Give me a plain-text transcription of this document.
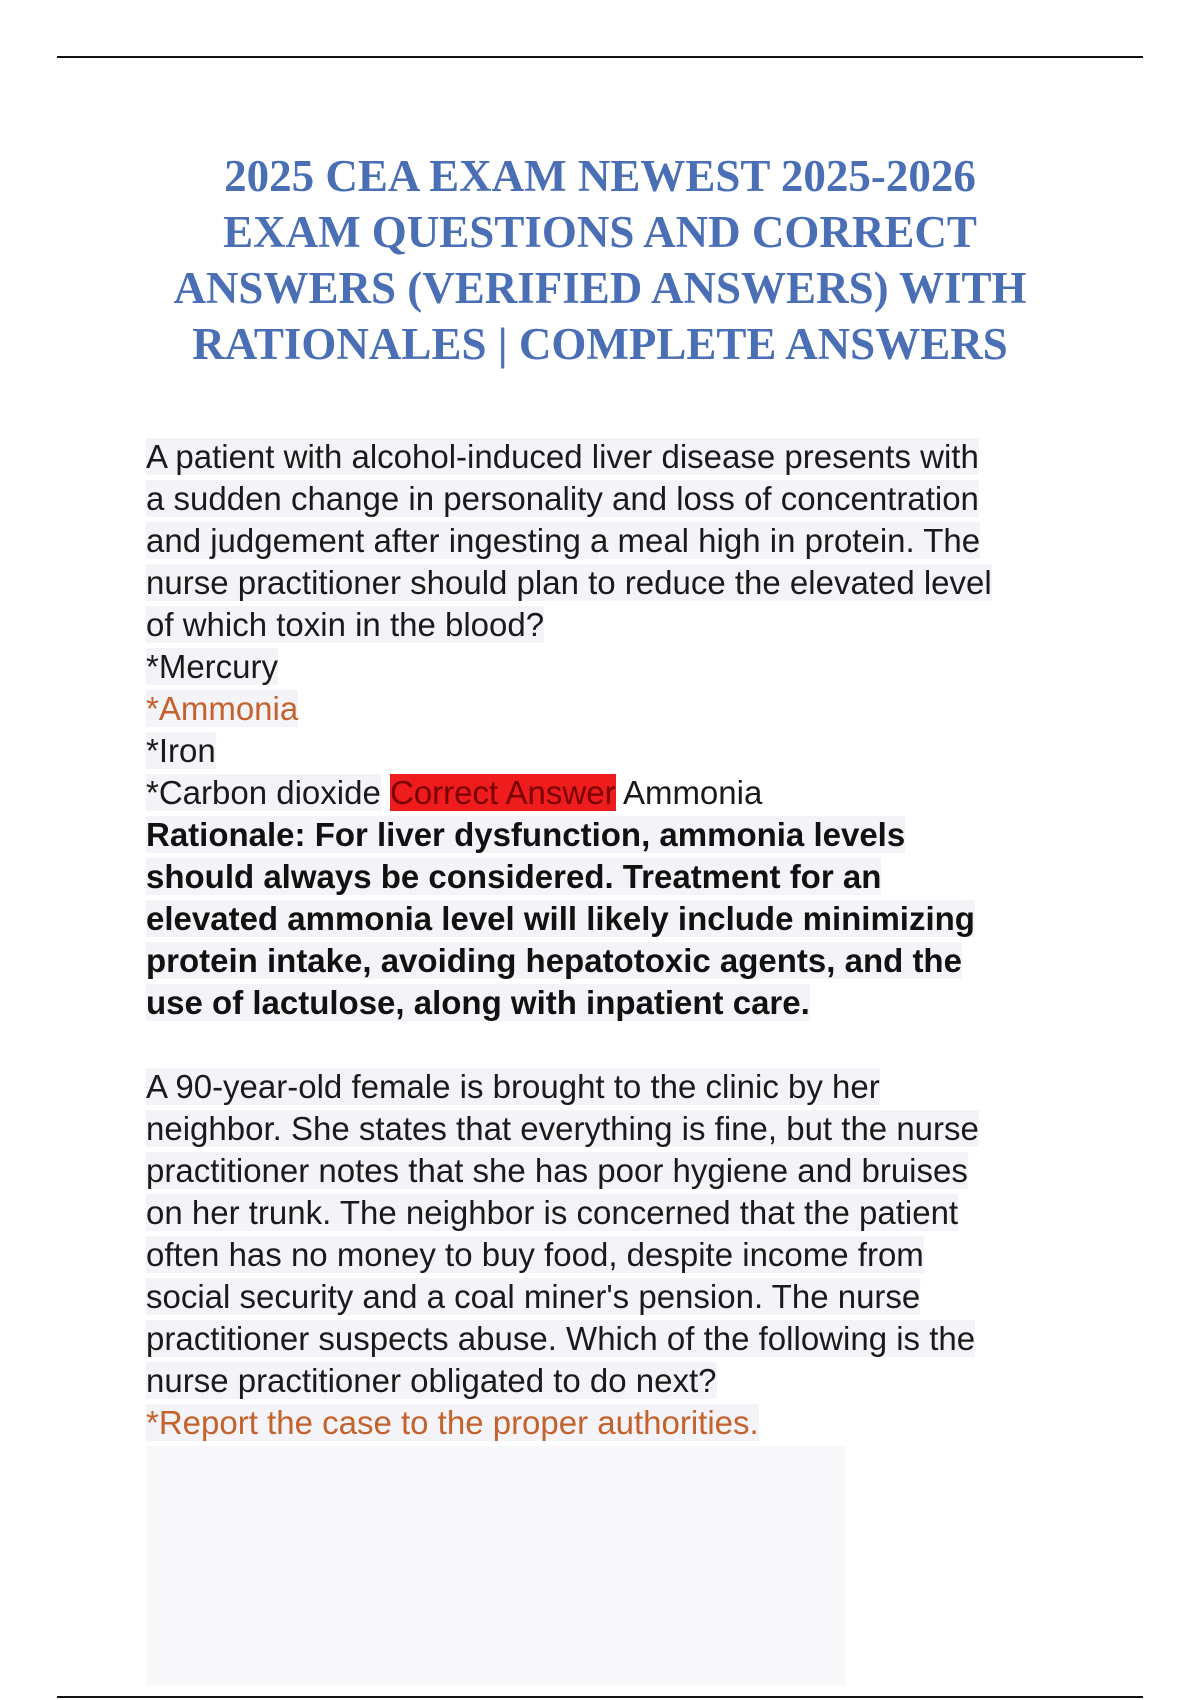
2025 CEA EXAM NEWEST 2025-2026
EXAM QUESTIONS AND CORRECT
ANSWERS (VERIFIED ANSWERS) WITH
RATIONALES | COMPLETE ANSWERS
A patient with alcohol-induced liver disease presents with
a sudden change in personality and loss of concentration
and judgement after ingesting a meal high in protein. The
nurse practitioner should plan to reduce the elevated level
of which toxin in the blood?
*Mercury
*Ammonia
*Iron
*Carbon dioxide Correct Answer Ammonia
Rationale: For liver dysfunction, ammonia levels
should always be considered. Treatment for an
elevated ammonia level will likely include minimizing
protein intake, avoiding hepatotoxic agents, and the
use of lactulose, along with inpatient care.
A 90-year-old female is brought to the clinic by her
neighbor. She states that everything is fine, but the nurse
practitioner notes that she has poor hygiene and bruises
on her trunk. The neighbor is concerned that the patient
often has no money to buy food, despite income from
social security and a coal miner's pension. The nurse
practitioner suspects abuse. Which of the following is the
nurse practitioner obligated to do next?
*Report the case to the proper authorities.
